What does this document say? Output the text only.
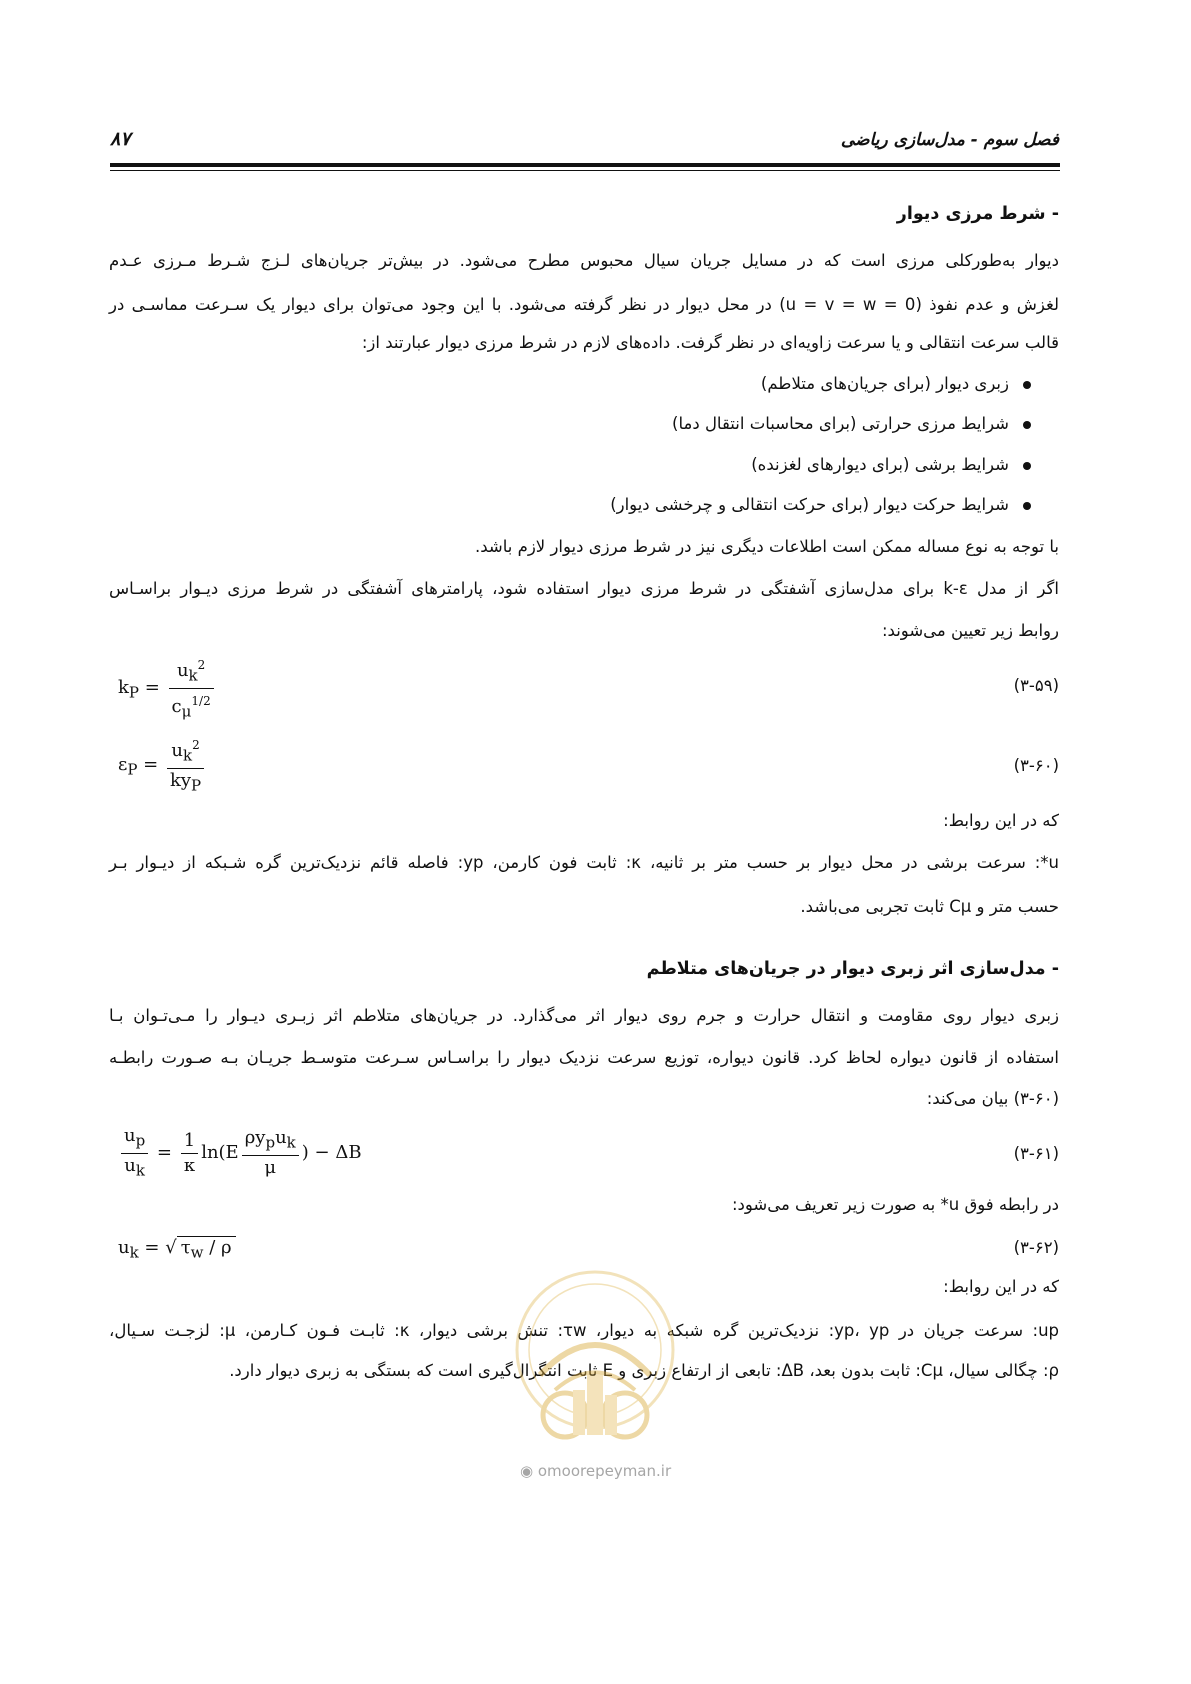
فصل سوم - مدل‌سازی ریاضی
۸۷
- شرط مرزی دیوار
دیوار به‌طورکلی مرزی است که در مسایل جریان سیال محبوس مطرح می‌شود. در بیش‌تر جریان‌های لـزج شـرط مـرزی عـدم
لغزش و عدم نفوذ (u = v = w = 0) در محل دیوار در نظر گرفته می‌شود. با این وجود می‌توان برای دیوار یک سـرعت مماسـی در
قالب سرعت انتقالی و یا سرعت زاویه‌ای در نظر گرفت. داده‌های لازم در شرط مرزی دیوار عبارتند از:
زبری دیوار (برای جریان‌های متلاطم)
شرایط مرزی حرارتی (برای محاسبات انتقال دما)
شرایط برشی (برای دیوارهای لغزنده)
شرایط حرکت دیوار (برای حرکت انتقالی و چرخشی دیوار)
با توجه به نوع مساله ممکن است اطلاعات دیگری نیز در شرط مرزی دیوار لازم باشد.
اگر از مدل k-ε برای مدل‌سازی آشفتگی در شرط مرزی دیوار استفاده شود، پارامترهای آشفتگی در شرط مرزی دیـوار براسـاس
روابط زیر تعیین می‌شوند:
$k_P = \frac{u_k^2}{c_\mu^{1/2}}$	(۳-۵۹)
$\varepsilon_P = \frac{u_k^2}{ky_P}$	(۳-۶۰)
که در این روابط:
u*: سرعت برشی در محل دیوار بر حسب متر بر ثانیه، κ: ثابت فون کارمن، yp: فاصله قائم نزدیک‌ترین گره شـبکه از دیـوار بـر
حسب متر و Cμ ثابت تجربی می‌باشد.
- مدل‌سازی اثر زبری دیوار در جریان‌های متلاطم
زبری دیوار روی مقاومت و انتقال حرارت و جرم روی دیوار اثر می‌گذارد. در جریان‌های متلاطم اثر زبـری دیـوار را مـی‌تـوان بـا
استفاده از قانون دیواره لحاظ کرد. قانون دیواره، توزیع سرعت نزدیک دیوار را براسـاس سـرعت متوسـط جریـان بـه صـورت رابطـه
(۳-۶۰) بیان می‌کند:
$\frac{u_p}{u_k} = \frac{1}{\kappa} \ln(E \frac{\rho y_pu_k}{\mu}$ ) − ΔB	(۳-۶۱)
در رابطه فوق u* به صورت زیر تعریف می‌شود:
$u_k$ = √ $\tau_w$ / ρ	(۳-۶۲)
که در این روابط:
up: سرعت جریان در yp، yp: نزدیک‌ترین گره شبکه به دیوار، τw: تنش برشی دیوار، κ: ثابـت فـون کـارمن، μ: لزجـت سـیال،
ρ: چگالی سیال، Cμ: ثابت بدون بعد، ΔB: تابعی از ارتفاع زبری و E ثابت انتگرال‌گیری است که بستگی به زبری دیوار دارد.
◉ omoorepeyman.ir
